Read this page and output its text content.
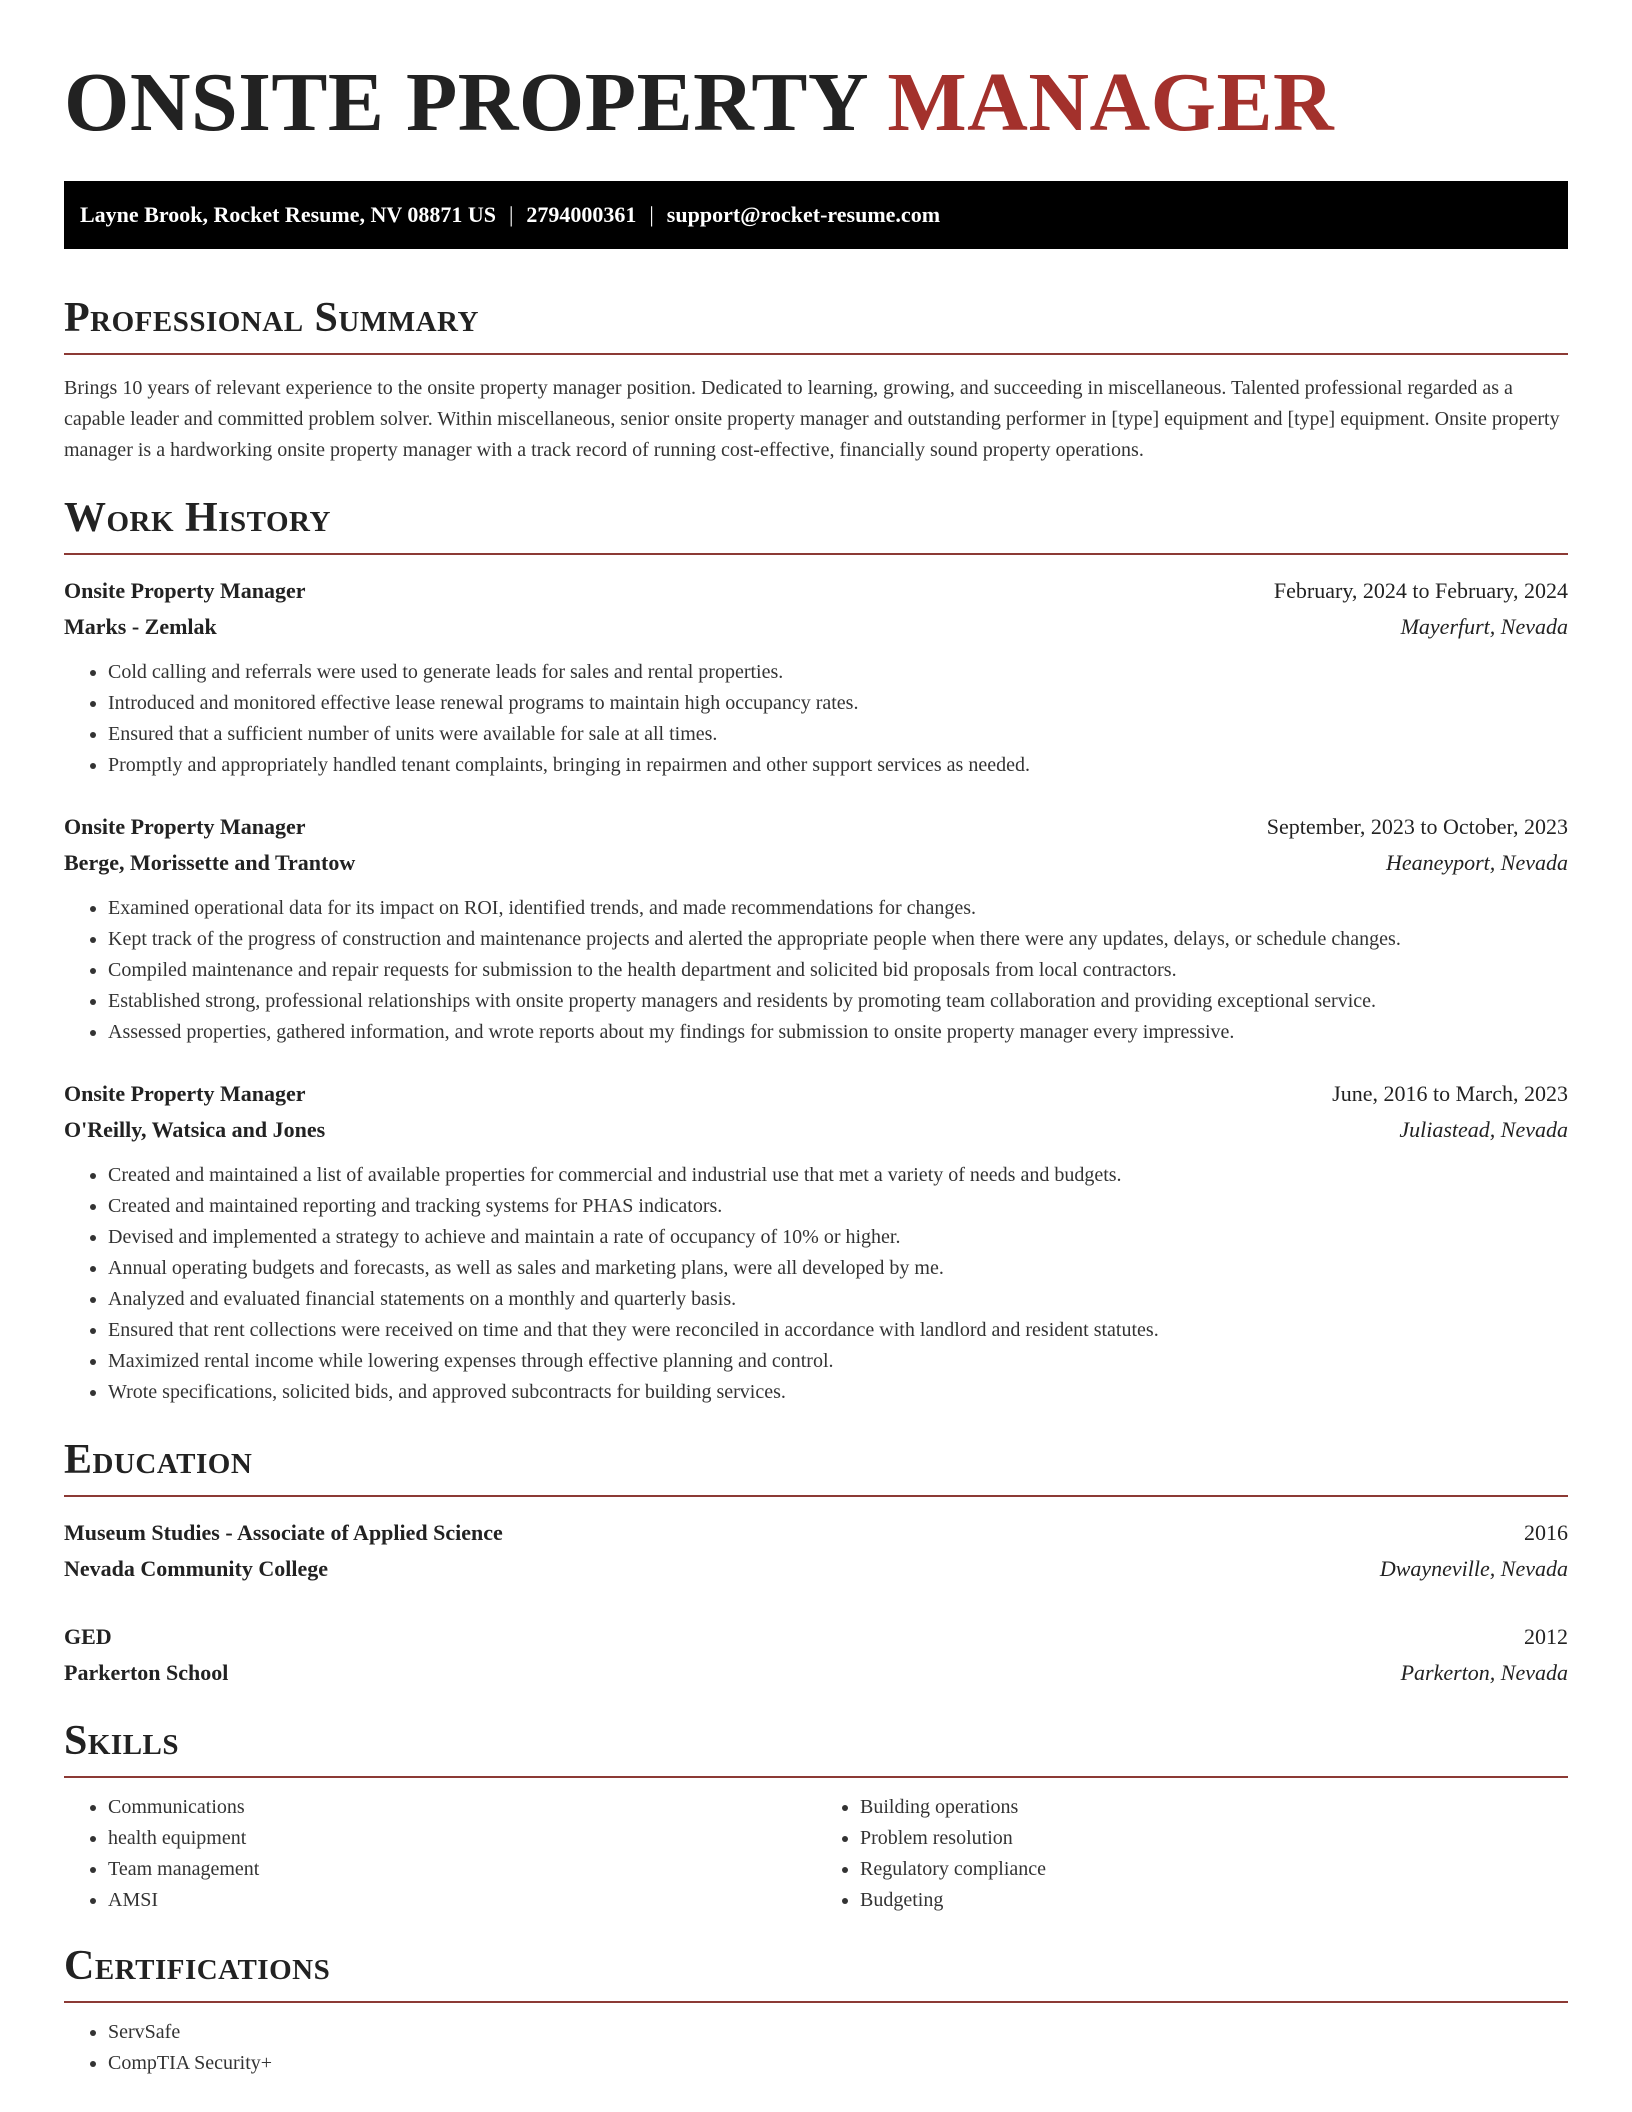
ONSITE PROPERTY MANAGER
Layne Brook, Rocket Resume, NV 08871 US | 2794000361 | support@rocket-resume.com
Professional Summary

Brings 10 years of relevant experience to the onsite property manager position. Dedicated to learning, growing, and succeeding in miscellaneous. Talented professional regarded as a capable leader and committed problem solver. Within miscellaneous, senior onsite property manager and outstanding performer in [type] equipment and [type] equipment. Onsite property manager is a hardworking onsite property manager with a track record of running cost-effective, financially sound property operations.

Work History
Onsite Property Manager	February, 2024 to February, 2024
Marks - Zemlak	Mayerfurt, Nevada
• Cold calling and referrals were used to generate leads for sales and rental properties.
• Introduced and monitored effective lease renewal programs to maintain high occupancy rates.
• Ensured that a sufficient number of units were available for sale at all times.
• Promptly and appropriately handled tenant complaints, bringing in repairmen and other support services as needed.
Onsite Property Manager	September, 2023 to October, 2023
Berge, Morissette and Trantow	Heaneyport, Nevada
• Examined operational data for its impact on ROI, identified trends, and made recommendations for changes.
• Kept track of the progress of construction and maintenance projects and alerted the appropriate people when there were any updates, delays, or schedule changes.
• Compiled maintenance and repair requests for submission to the health department and solicited bid proposals from local contractors.
• Established strong, professional relationships with onsite property managers and residents by promoting team collaboration and providing exceptional service.
• Assessed properties, gathered information, and wrote reports about my findings for submission to onsite property manager every impressive.
Onsite Property Manager	June, 2016 to March, 2023
O'Reilly, Watsica and Jones	Juliastead, Nevada
• Created and maintained a list of available properties for commercial and industrial use that met a variety of needs and budgets.
• Created and maintained reporting and tracking systems for PHAS indicators.
• Devised and implemented a strategy to achieve and maintain a rate of occupancy of 10% or higher.
• Annual operating budgets and forecasts, as well as sales and marketing plans, were all developed by me.
• Analyzed and evaluated financial statements on a monthly and quarterly basis.
• Ensured that rent collections were received on time and that they were reconciled in accordance with landlord and resident statutes.
• Maximized rental income while lowering expenses through effective planning and control.
• Wrote specifications, solicited bids, and approved subcontracts for building services.
Education
Museum Studies - Associate of Applied Science	2016
Nevada Community College	Dwayneville, Nevada
GED	2012
Parkerton School	Parkerton, Nevada
Skills
• Communications
• health equipment
• Team management
• AMSI
• Building operations
• Problem resolution
• Regulatory compliance
• Budgeting
Certifications
• ServSafe
• CompTIA Security+
